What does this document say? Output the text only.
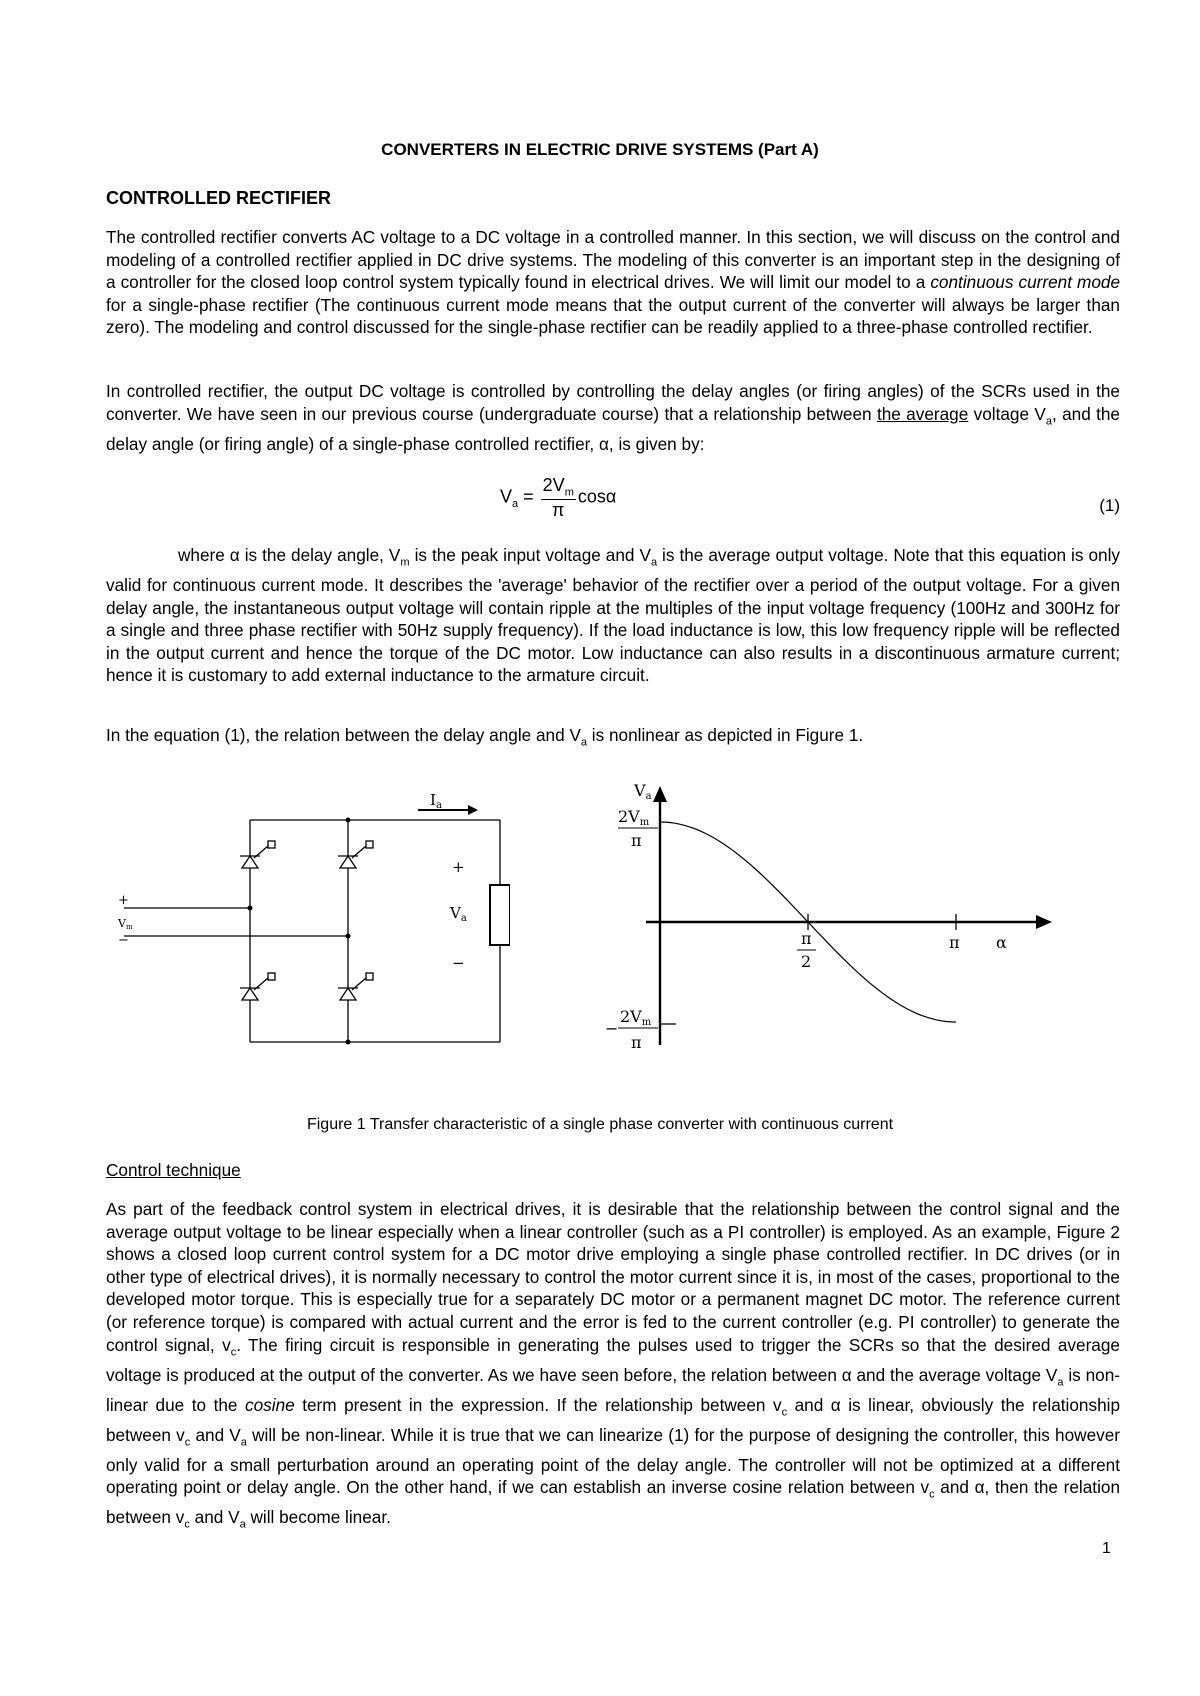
CONVERTERS IN ELECTRIC DRIVE SYSTEMS (Part A)
CONTROLLED RECTIFIER

The controlled rectifier converts AC voltage to a DC voltage in a controlled manner. In this section, we will discuss on the control and modeling of a controlled rectifier applied in DC drive systems. The modeling of this converter is an important step in the designing of a controller for the closed loop control system typically found in electrical drives. We will limit our model to a continuous current mode for a single-phase rectifier (The continuous current mode means that the output current of the converter will always be larger than zero). The modeling and control discussed for the single-phase rectifier can be readily applied to a three-phase controlled rectifier.

In controlled rectifier, the output DC voltage is controlled by controlling the delay angles (or firing angles) of the SCRs used in the converter. We have seen in our previous course (undergraduate course) that a relationship between the average voltage $V_a$, and the delay angle (or firing angle) of a single-phase controlled rectifier, α, is given by:

$V_a = \frac{2V_m}{\pi}$ cosα	(1)

where α is the delay angle, $V_m$ is the peak input voltage and $V_a$ is the average output voltage. Note that this equation is only valid for continuous current mode. It describes the 'average' behavior of the rectifier over a period of the output voltage. For a given delay angle, the instantaneous output voltage will contain ripple at the multiples of the input voltage frequency (100Hz and 300Hz for a single and three phase rectifier with 50Hz supply frequency). If the load inductance is low, this low frequency ripple will be reflected in the output current and hence the torque of the DC motor. Low inductance can also results in a discontinuous armature current; hence it is customary to add external inductance to the armature circuit.

In the equation (1), the relation between the delay angle and $V_a$ is nonlinear as depicted in Figure 1.

$I_a$
+
$V_a$
−
+
Vm
−
Va
2Vm
π
π
2
π α
−
2Vm
π
Figure 1 Transfer characteristic of a single phase converter with continuous current
Control technique

As part of the feedback control system in electrical drives, it is desirable that the relationship between the control signal and the average output voltage to be linear especially when a linear controller (such as a PI controller) is employed. As an example, Figure 2 shows a closed loop current control system for a DC motor drive employing a single phase controlled rectifier. In DC drives (or in other type of electrical drives), it is normally necessary to control the motor current since it is, in most of the cases, proportional to the developed motor torque. This is especially true for a separately DC motor or a permanent magnet DC motor. The reference current (or reference torque) is compared with actual current and the error is fed to the current controller (e.g. PI controller) to generate the control signal, $v_c$. The firing circuit is responsible in generating the pulses used to trigger the SCRs so that the desired average voltage is produced at the output of the converter. As we have seen before, the relation between α and the average voltage $V_a$ is non-linear due to the cosine term present in the expression. If the relationship between $v_c$ and α is linear, obviously the relationship between $v_c$ and $V_a$ will be non-linear. While it is true that we can linearize (1) for the purpose of designing the controller, this however only valid for a small perturbation around an operating point of the delay angle. The controller will not be optimized at a different operating point or delay angle. On the other hand, if we can establish an inverse cosine relation between $v_c$ and α, then the relation between $v_c$ and $V_a$ will become linear.

1
